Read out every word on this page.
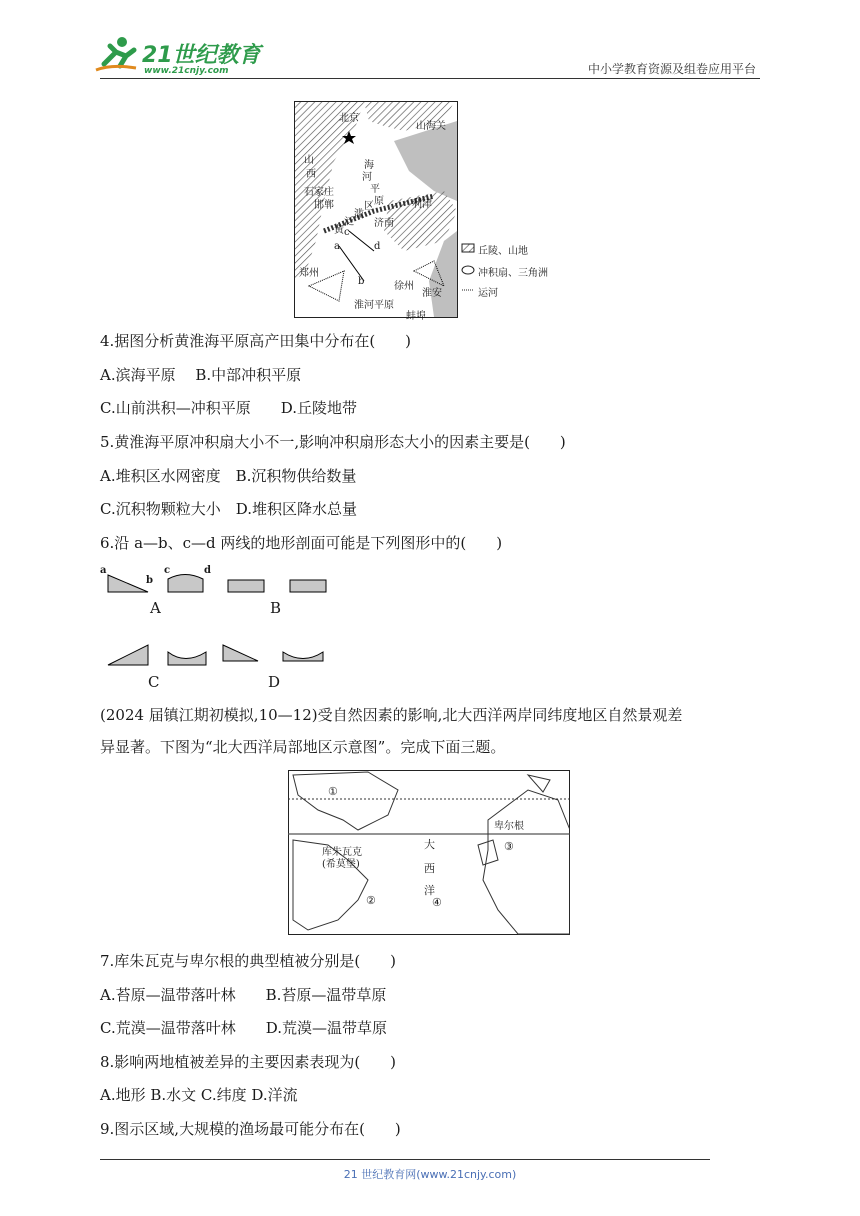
21世纪教育
www.21cnjy.com	中小学教育资源及组卷应用平台
北京
山海关
石家庄
邯郸
济南
利津
郑州
徐州
淮安
蚌埠
淮河平原
山
西
海
河
平
原
黄
泛
滥
区
a
b
c
d	丘陵、山地
冲积扇、三角洲
运河
4.据图分析黄淮海平原高产田集中分布在(　　)
A.滨海平原　 B.中部冲积平原
C.山前洪积—冲积平原　　D.丘陵地带
5.黄淮海平原冲积扇大小不一,影响冲积扇形态大小的因素主要是(　　)
A.堆积区水网密度　B.沉积物供给数量
C.沉积物颗粒大小　D.堆积区降水总量
6.沿 a—b、c—d 两线的地形剖面可能是下列图形中的(　　)
a
b
c	d
A	B
C	D
(2024 届镇江期初模拟,10—12)受自然因素的影响,北大西洋两岸同纬度地区自然景观差
异显著。下图为“北大西洋局部地区示意图”。完成下面三题。
①
②
③
④
卑尔根
库朱瓦克
(希莫堡)
大
西
洋
7.库朱瓦克与卑尔根的典型植被分别是(　　)
A.苔原—温带落叶林　　B.苔原—温带草原
C.荒漠—温带落叶林　　D.荒漠—温带草原
8.影响两地植被差异的主要因素表现为(　　)
A.地形 B.水文 C.纬度 D.洋流
9.图示区域,大规模的渔场最可能分布在(　　)
21 世纪教育网(www.21cnjy.com)
